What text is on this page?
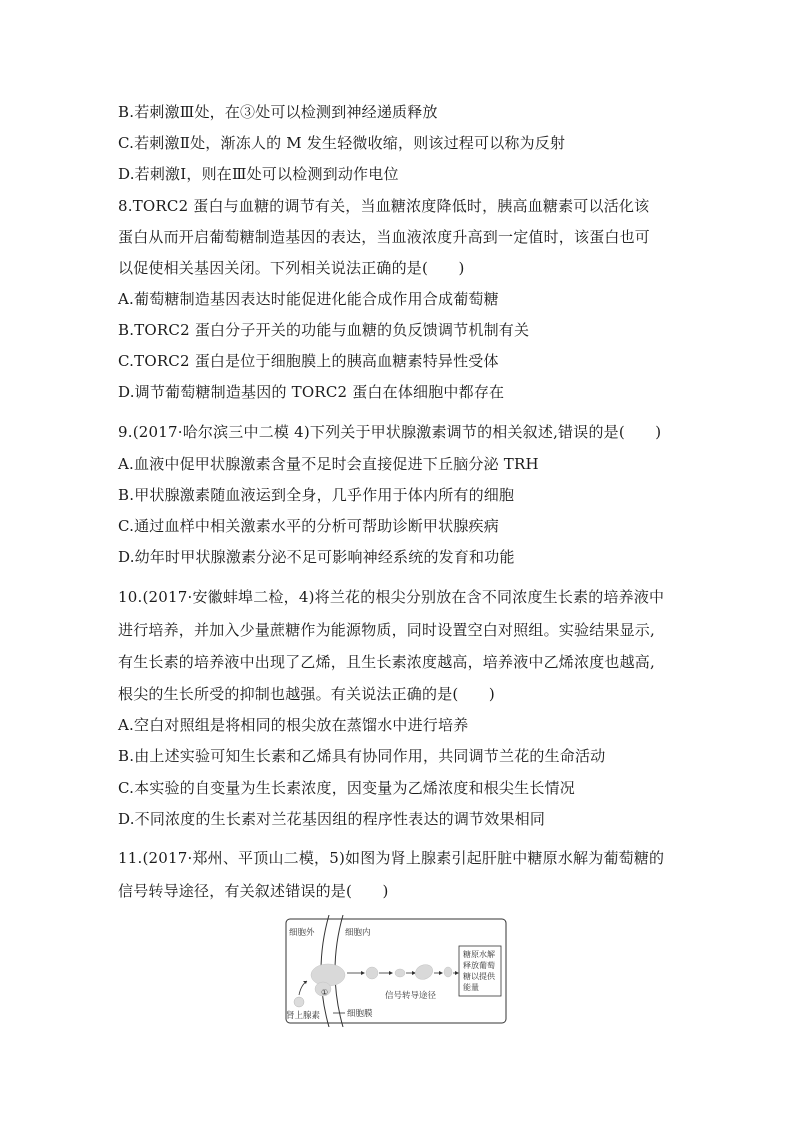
B.若刺激Ⅲ处，在③处可以检测到神经递质释放
C.若刺激Ⅱ处，渐冻人的 M 发生轻微收缩，则该过程可以称为反射
D.若刺激Ⅰ，则在Ⅲ处可以检测到动作电位
8.TORC2 蛋白与血糖的调节有关，当血糖浓度降低时，胰高血糖素可以活化该
蛋白从而开启葡萄糖制造基因的表达，当血液浓度升高到一定值时，该蛋白也可
以促使相关基因关闭。下列相关说法正确的是(　　)
A.葡萄糖制造基因表达时能促进化能合成作用合成葡萄糖
B.TORC2 蛋白分子开关的功能与血糖的负反馈调节机制有关
C.TORC2 蛋白是位于细胞膜上的胰高血糖素特异性受体
D.调节葡萄糖制造基因的 TORC2 蛋白在体细胞中都存在
9.(2017·哈尔滨三中二模 4)下列关于甲状腺激素调节的相关叙述,错误的是(　　)
A.血液中促甲状腺激素含量不足时会直接促进下丘脑分泌 TRH
B.甲状腺激素随血液运到全身，几乎作用于体内所有的细胞
C.通过血样中相关激素水平的分析可帮助诊断甲状腺疾病
D.幼年时甲状腺激素分泌不足可影响神经系统的发育和功能
10.(2017·安徽蚌埠二检，4)将兰花的根尖分别放在含不同浓度生长素的培养液中
进行培养，并加入少量蔗糖作为能源物质，同时设置空白对照组。实验结果显示,
有生长素的培养液中出现了乙烯，且生长素浓度越高，培养液中乙烯浓度也越高,
根尖的生长所受的抑制也越强。有关说法正确的是(　　)
A.空白对照组是将相同的根尖放在蒸馏水中进行培养
B.由上述实验可知生长素和乙烯具有协同作用，共同调节兰花的生命活动
C.本实验的自变量为生长素浓度，因变量为乙烯浓度和根尖生长情况
D.不同浓度的生长素对兰花基因组的程序性表达的调节效果相同
11.(2017·郑州、平顶山二模，5)如图为肾上腺素引起肝脏中糖原水解为葡萄糖的
信号转导途径，有关叙述错误的是(　　)
细胞外	细胞内
肾上腺素
①	信号转导途径
细胞膜
糖原水解
释放葡萄
糖以提供
能量
